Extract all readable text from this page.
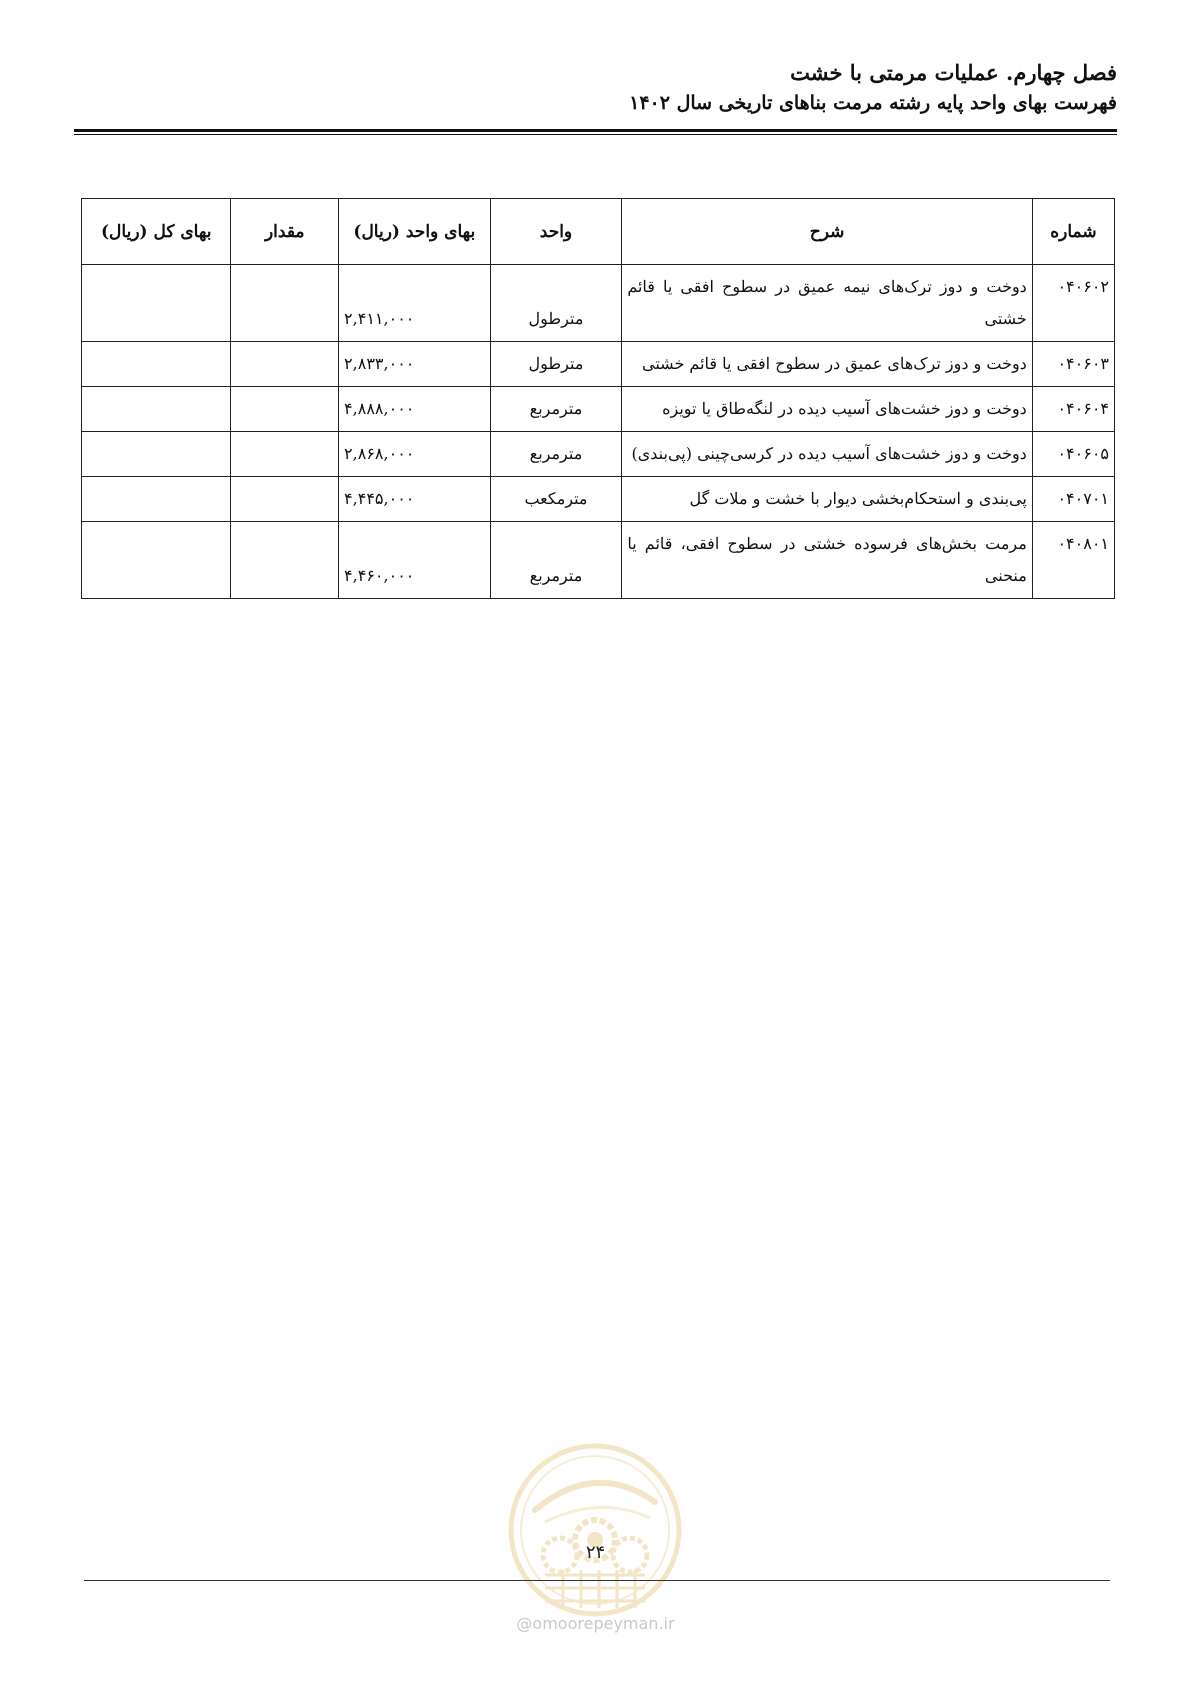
فصل چهارم. عملیات مرمتی با خشت
فهرست بهای واحد پایه رشته مرمت بناهای تاریخی سال ۱۴۰۲
شماره	شرح	واحد	بهای واحد (ریال)	مقدار	بهای کل (ریال)
۰۴۰۶۰۲	دوخت و دوز ترک‌های نیمه عمیق در سطوح افقی یا قائم خشتی	مترطول	۲,۴۱۱,۰۰۰		
۰۴۰۶۰۳	دوخت و دوز ترک‌های عمیق در سطوح افقی یا قائم خشتی	مترطول	۲,۸۳۳,۰۰۰		
۰۴۰۶۰۴	دوخت و دوز خشت‌های آسیب دیده در لنگه‌طاق یا تویزه	مترمربع	۴,۸۸۸,۰۰۰		
۰۴۰۶۰۵	دوخت و دوز خشت‌های آسیب دیده در کرسی‌چینی (پی‌بندی)	مترمربع	۲,۸۶۸,۰۰۰		
۰۴۰۷۰۱	پی‌بندی و استحکام‌بخشی دیوار با خشت و ملات گل	مترمکعب	۴,۴۴۵,۰۰۰		
۰۴۰۸۰۱	مرمت بخش‌های فرسوده خشتی در سطوح افقی، قائم یا منحنی	مترمربع	۴,۴۶۰,۰۰۰		
۲۴
@omoorepeyman.ir
